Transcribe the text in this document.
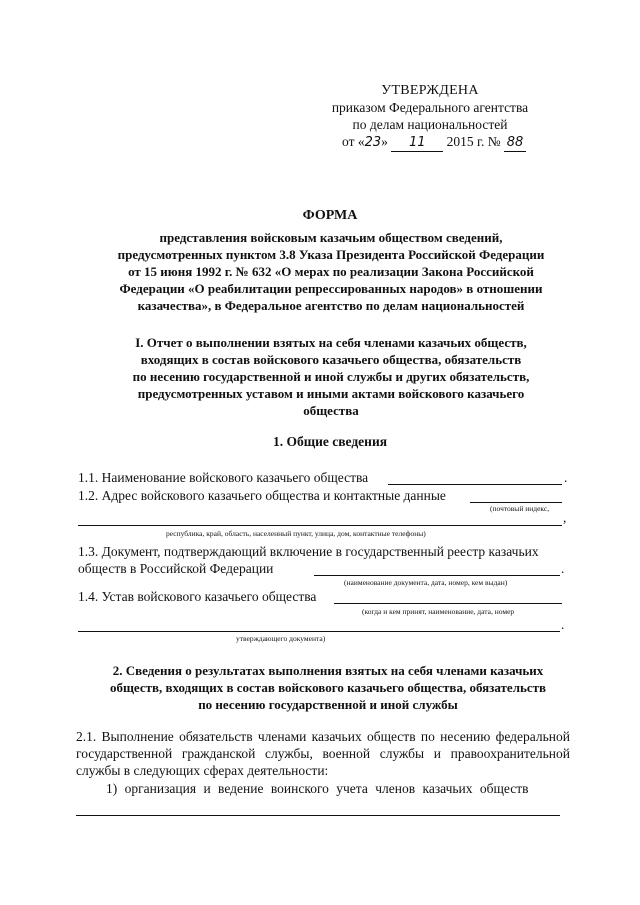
УТВЕРЖДЕНА
приказом Федерального агентства
по делам национальностей
от «23» 11 2015 г. № 88
ФОРМА
представления войсковым казачьим обществом сведений,
предусмотренных пунктом 3.8 Указа Президента Российской Федерации
от 15 июня 1992 г. № 632 «О мерах по реализации Закона Российской
Федерации «О реабилитации репрессированных народов» в отношении
казачества», в Федеральное агентство по делам национальностей
I. Отчет о выполнении взятых на себя членами казачьих обществ,
входящих в состав войскового казачьего общества, обязательств
по несению государственной и иной службы и других обязательств,
предусмотренных уставом и иными актами войскового казачьего
общества
1. Общие сведения
1.1. Наименование войскового казачьего общества	.
1.2. Адрес войскового казачьего общества и контактные данные
(почтовый индекс,
,
республика, край, область, населенный пункт, улица, дом, контактные телефоны)
1.3. Документ, подтверждающий включение в государственный реестр казачьих
обществ в Российской Федерации	.
(наименование документа, дата, номер, кем выдан)
1.4. Устав войскового казачьего общества
(когда и кем принят, наименование, дата, номер
.
утверждающего документа)
2. Сведения о результатах выполнения взятых на себя членами казачьих
обществ, входящих в состав войскового казачьего общества, обязательств
по несению государственной и иной службы
2.1. Выполнение обязательств членами казачьих обществ по несению федеральной государственной гражданской службы, военной службы и правоохранительной службы в следующих сферах деятельности:
1) организация и ведение воинского учета членов казачьих обществ
